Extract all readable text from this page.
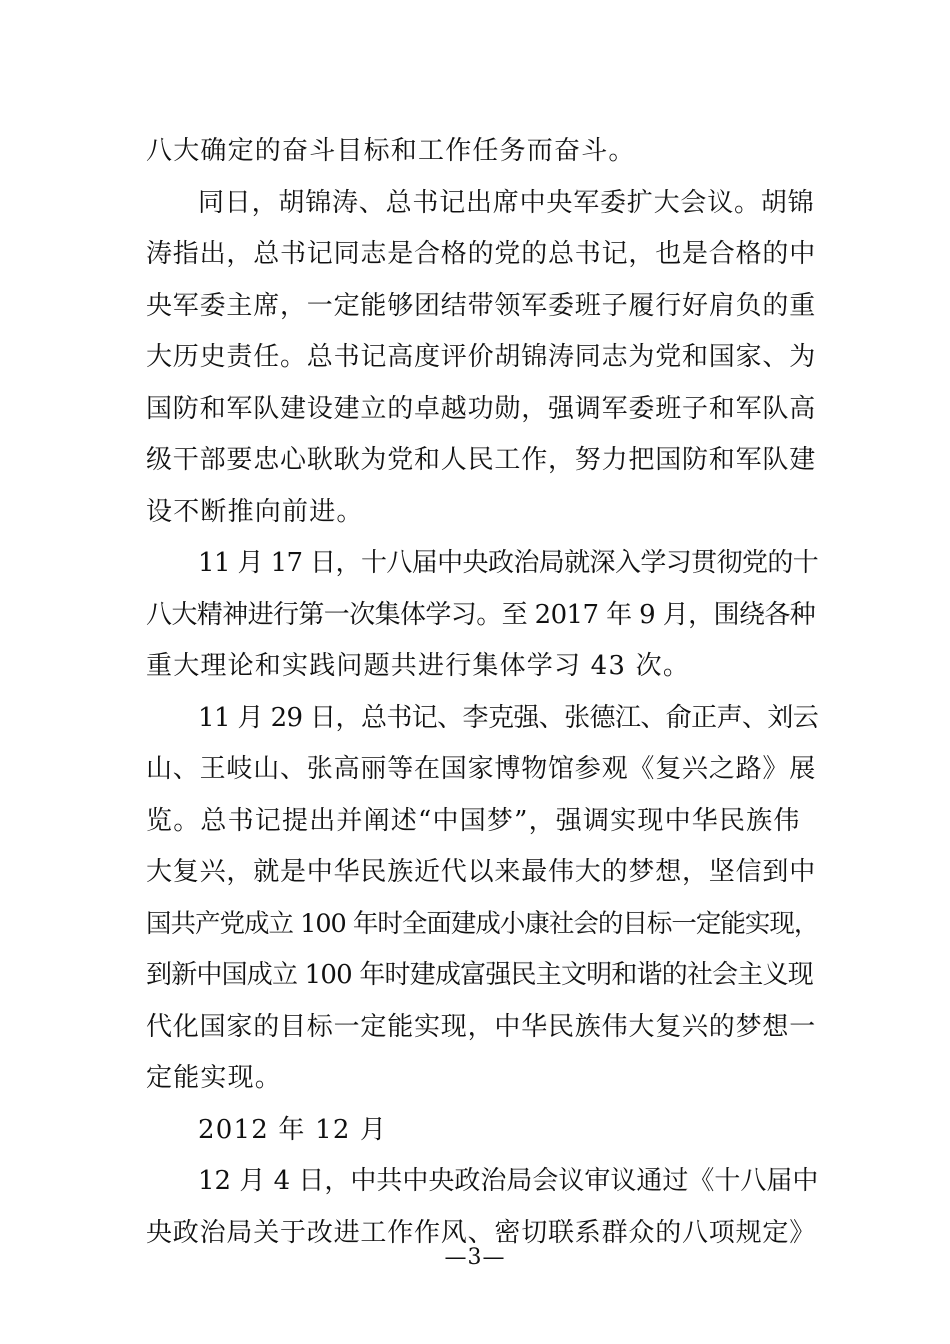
八大确定的奋斗目标和工作任务而奋斗。
同日，胡锦涛、总书记出席中央军委扩大会议。胡锦
涛指出，总书记同志是合格的党的总书记，也是合格的中
央军委主席，一定能够团结带领军委班子履行好肩负的重
大历史责任。总书记高度评价胡锦涛同志为党和国家、为
国防和军队建设建立的卓越功勋，强调军委班子和军队高
级干部要忠心耿耿为党和人民工作，努力把国防和军队建
设不断推向前进。
11 月 17 日，十八届中央政治局就深入学习贯彻党的十
八大精神进行第一次集体学习。至 2017 年 9 月，围绕各种
重大理论和实践问题共进行集体学习 43 次。
11 月 29 日，总书记、李克强、张德江、俞正声、刘云
山、王岐山、张高丽等在国家博物馆参观《复兴之路》展
览。总书记提出并阐述“中国梦”，强调实现中华民族伟
大复兴，就是中华民族近代以来最伟大的梦想，坚信到中
国共产党成立 100 年时全面建成小康社会的目标一定能实现，
到新中国成立 100 年时建成富强民主文明和谐的社会主义现
代化国家的目标一定能实现，中华民族伟大复兴的梦想一
定能实现。
2012 年 12 月
12 月 4 日，中共中央政治局会议审议通过《十八届中
央政治局关于改进工作作风、密切联系群众的八项规定》
—3—
